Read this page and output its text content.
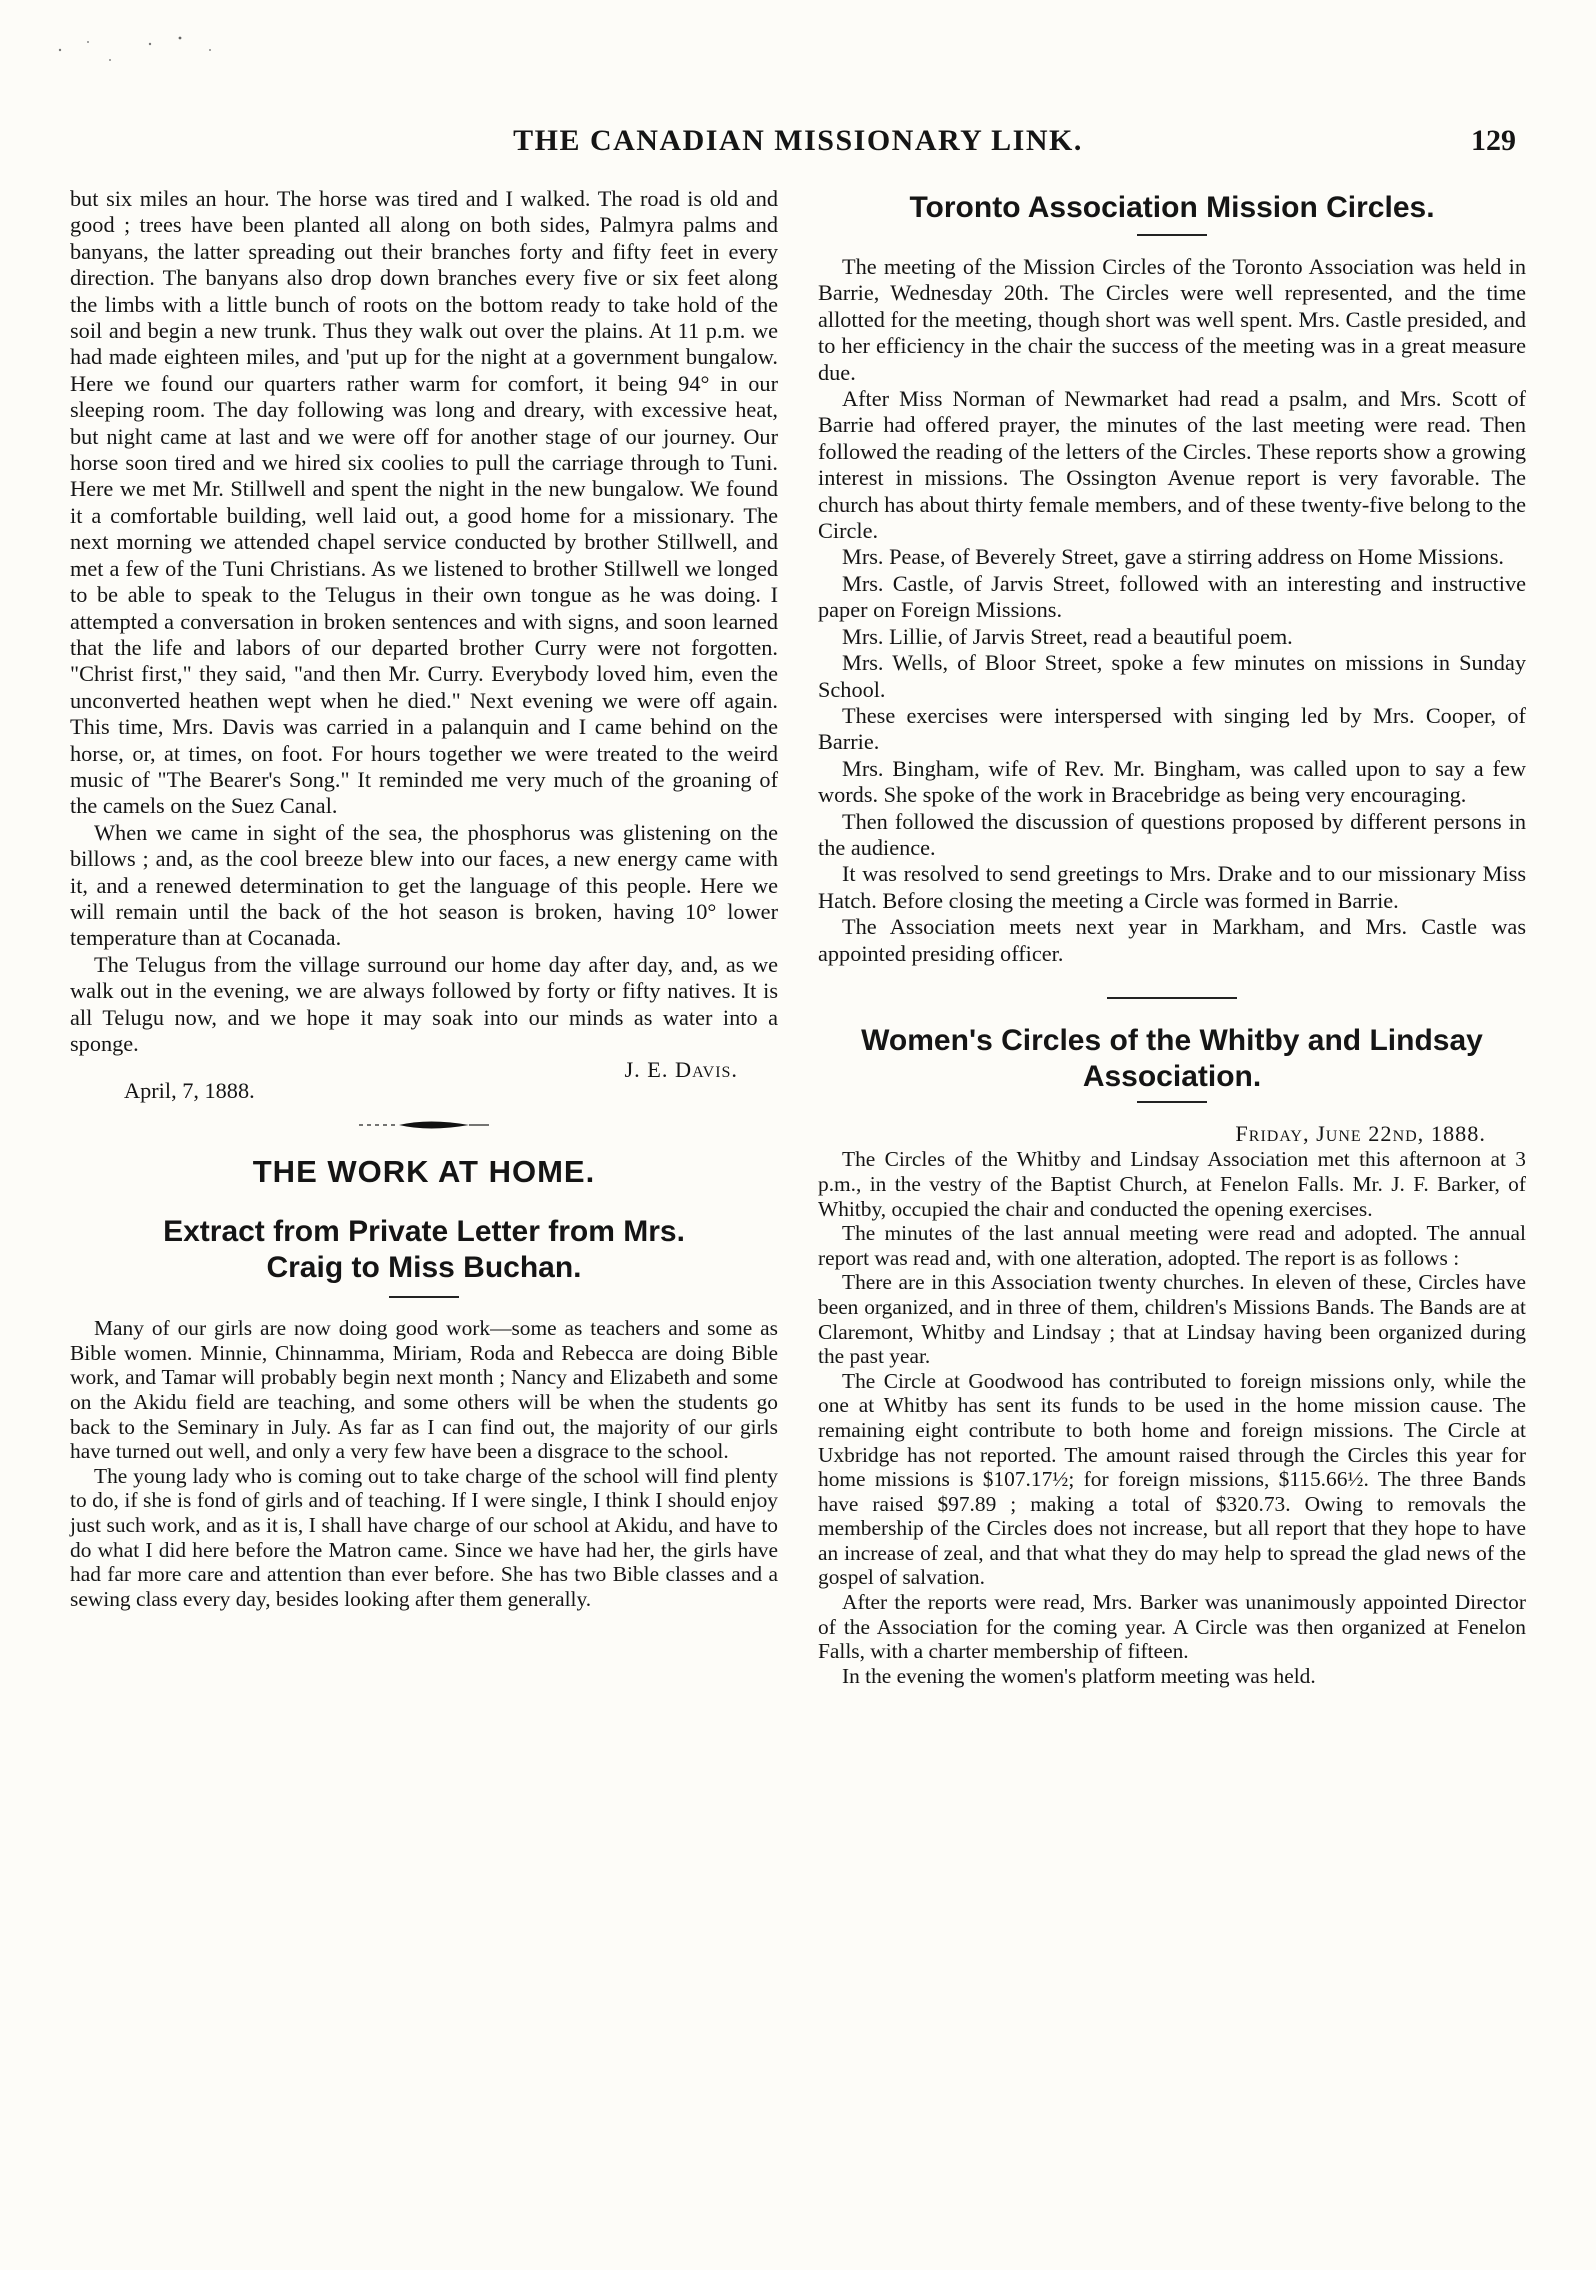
THE CANADIAN MISSIONARY LINK.	129

but six miles an hour. The horse was tired and I walked. The road is old and good ; trees have been planted all along on both sides, Palmyra palms and banyans, the latter spreading out their branches forty and fifty feet in every direction. The banyans also drop down branches every five or six feet along the limbs with a little bunch of roots on the bottom ready to take hold of the soil and begin a new trunk. Thus they walk out over the plains. At 11 p.m. we had made eighteen miles, and 'put up for the night at a government bungalow. Here we found our quarters rather warm for comfort, it being 94° in our sleeping room. The day following was long and dreary, with excessive heat, but night came at last and we were off for another stage of our journey. Our horse soon tired and we hired six coolies to pull the carriage through to Tuni. Here we met Mr. Stillwell and spent the night in the new bungalow. We found it a comfortable building, well laid out, a good home for a missionary. The next morning we attended chapel service conducted by brother Stillwell, and met a few of the Tuni Christians. As we listened to brother Stillwell we longed to be able to speak to the Telugus in their own tongue as he was doing. I attempted a conversation in broken sentences and with signs, and soon learned that the life and labors of our departed brother Curry were not forgotten. "Christ first," they said, "and then Mr. Curry. Everybody loved him, even the unconverted heathen wept when he died." Next evening we were off again. This time, Mrs. Davis was carried in a palanquin and I came behind on the horse, or, at times, on foot. For hours together we were treated to the weird music of "The Bearer's Song." It reminded me very much of the groaning of the camels on the Suez Canal.

When we came in sight of the sea, the phosphorus was glistening on the billows ; and, as the cool breeze blew into our faces, a new energy came with it, and a renewed determination to get the language of this people. Here we will remain until the back of the hot season is broken, having 10° lower temperature than at Cocanada.

The Telugus from the village surround our home day after day, and, as we walk out in the evening, we are always followed by forty or fifty natives. It is all Telugu now, and we hope it may soak into our minds as water into a sponge.

J. E. Davis.

April, 7, 1888.

THE WORK AT HOME.
Extract from Private Letter from Mrs. Craig to Miss Buchan.

Many of our girls are now doing good work—some as teachers and some as Bible women. Minnie, Chinnamma, Miriam, Roda and Rebecca are doing Bible work, and Tamar will probably begin next month ; Nancy and Elizabeth and some on the Akidu field are teaching, and some others will be when the students go back to the Seminary in July. As far as I can find out, the majority of our girls have turned out well, and only a very few have been a disgrace to the school.

The young lady who is coming out to take charge of the school will find plenty to do, if she is fond of girls and of teaching. If I were single, I think I should enjoy just such work, and as it is, I shall have charge of our school at Akidu, and have to do what I did here before the Matron came. Since we have had her, the girls have had far more care and attention than ever before. She has two Bible classes and a sewing class every day, besides looking after them generally.

Toronto Association Mission Circles.

The meeting of the Mission Circles of the Toronto Association was held in Barrie, Wednesday 20th. The Circles were well represented, and the time allotted for the meeting, though short was well spent. Mrs. Castle presided, and to her efficiency in the chair the success of the meeting was in a great measure due.

After Miss Norman of Newmarket had read a psalm, and Mrs. Scott of Barrie had offered prayer, the minutes of the last meeting were read. Then followed the reading of the letters of the Circles. These reports show a growing interest in missions. The Ossington Avenue report is very favorable. The church has about thirty female members, and of these twenty-five belong to the Circle.

Mrs. Pease, of Beverely Street, gave a stirring address on Home Missions.

Mrs. Castle, of Jarvis Street, followed with an interesting and instructive paper on Foreign Missions.

Mrs. Lillie, of Jarvis Street, read a beautiful poem.

Mrs. Wells, of Bloor Street, spoke a few minutes on missions in Sunday School.

These exercises were interspersed with singing led by Mrs. Cooper, of Barrie.

Mrs. Bingham, wife of Rev. Mr. Bingham, was called upon to say a few words. She spoke of the work in Bracebridge as being very encouraging.

Then followed the discussion of questions proposed by different persons in the audience.

It was resolved to send greetings to Mrs. Drake and to our missionary Miss Hatch. Before closing the meeting a Circle was formed in Barrie.

The Association meets next year in Markham, and Mrs. Castle was appointed presiding officer.

Women's Circles of the Whitby and Lindsay Association.

Friday, June 22nd, 1888.

The Circles of the Whitby and Lindsay Association met this afternoon at 3 p.m., in the vestry of the Baptist Church, at Fenelon Falls. Mr. J. F. Barker, of Whitby, occupied the chair and conducted the opening exercises.

The minutes of the last annual meeting were read and adopted. The annual report was read and, with one alteration, adopted. The report is as follows :

There are in this Association twenty churches. In eleven of these, Circles have been organized, and in three of them, children's Missions Bands. The Bands are at Claremont, Whitby and Lindsay ; that at Lindsay having been organized during the past year.

The Circle at Goodwood has contributed to foreign missions only, while the one at Whitby has sent its funds to be used in the home mission cause. The remaining eight contribute to both home and foreign missions. The Circle at Uxbridge has not reported. The amount raised through the Circles this year for home missions is $107.17½; for foreign missions, $115.66½. The three Bands have raised $97.89 ; making a total of $320.73. Owing to removals the membership of the Circles does not increase, but all report that they hope to have an increase of zeal, and that what they do may help to spread the glad news of the gospel of salvation.

After the reports were read, Mrs. Barker was unanimously appointed Director of the Association for the coming year. A Circle was then organized at Fenelon Falls, with a charter membership of fifteen.

In the evening the women's platform meeting was held.
